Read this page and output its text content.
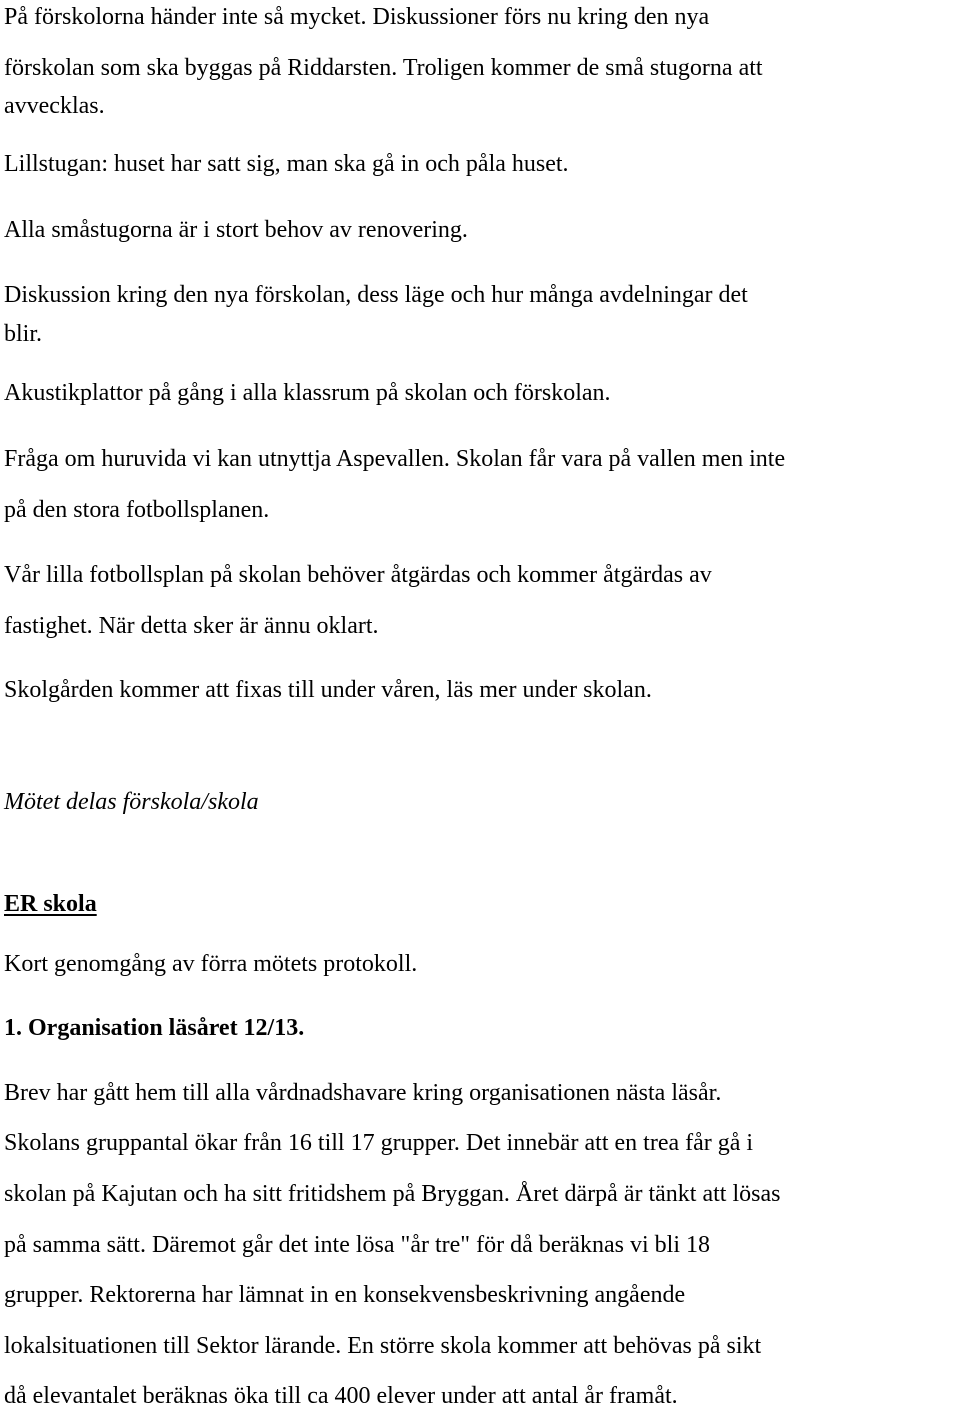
På förskolorna händer inte så mycket. Diskussioner förs nu kring den nya

förskolan som ska byggas på Riddarsten. Troligen kommer de små stugorna att

avvecklas.

Lillstugan: huset har satt sig, man ska gå in och påla huset.

Alla småstugorna är i stort behov av renovering.

Diskussion kring den nya förskolan, dess läge och hur många avdelningar det

blir.

Akustikplattor på gång i alla klassrum på skolan och förskolan.

Fråga om huruvida vi kan utnyttja Aspevallen. Skolan får vara på vallen men inte

på den stora fotbollsplanen.

Vår lilla fotbollsplan på skolan behöver åtgärdas och kommer åtgärdas av

fastighet. När detta sker är ännu oklart.

Skolgården kommer att fixas till under våren, läs mer under skolan.

Mötet delas förskola/skola

ER skola

Kort genomgång av förra mötets protokoll.

1. Organisation läsåret 12/13.

Brev har gått hem till alla vårdnadshavare kring organisationen nästa läsår.

Skolans gruppantal ökar från 16 till 17 grupper. Det innebär att en trea får gå i

skolan på Kajutan och ha sitt fritidshem på Bryggan. Året därpå är tänkt att lösas

på samma sätt. Däremot går det inte lösa "år tre" för då beräknas vi bli 18

grupper. Rektorerna har lämnat in en konsekvensbeskrivning angående

lokalsituationen till Sektor lärande. En större skola kommer att behövas på sikt

då elevantalet beräknas öka till ca 400 elever under att antal år framåt.
